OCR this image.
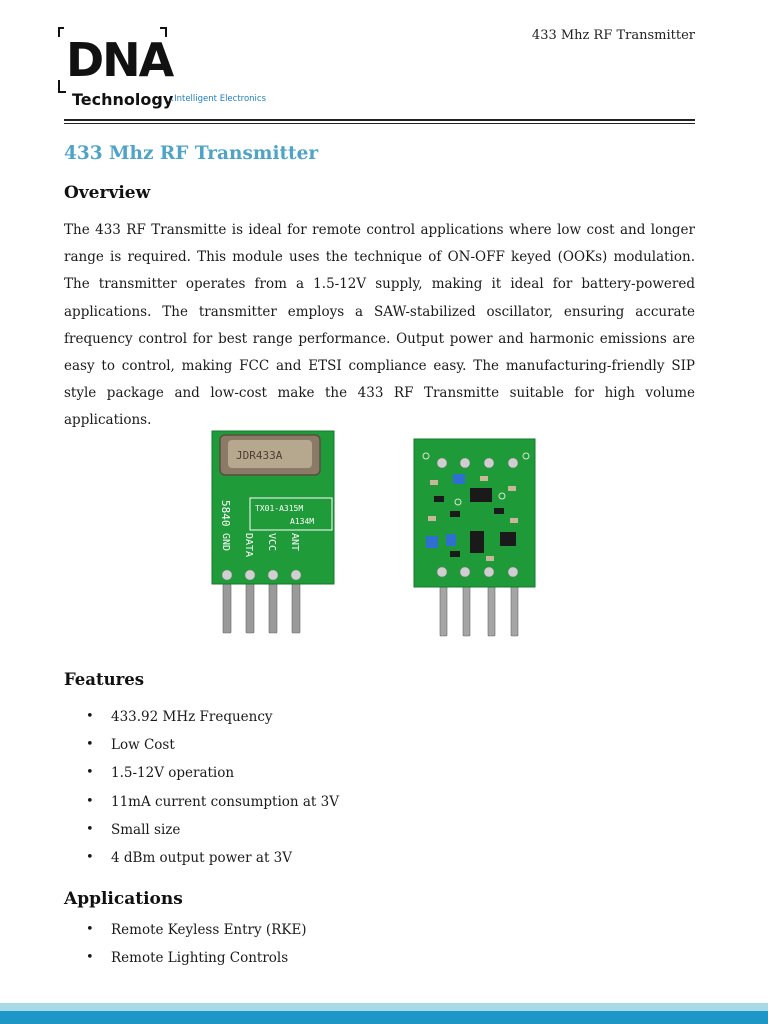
DNA
Technology
...Intelligent Electronics
433 Mhz RF Transmitter
433 Mhz RF Transmitter
Overview

The 433 RF Transmitte is ideal for remote control applications where low cost and longer range is required. This module uses the technique of ON-OFF keyed (OOKs) modulation. The transmitter operates from a 1.5-12V supply, making it ideal for battery-powered applications. The transmitter employs a SAW-stabilized oscillator, ensuring accurate frequency control for best range performance. Output power and harmonic emissions are easy to control, making FCC and ETSI compliance easy. The manufacturing-friendly SIP style package and low-cost make the 433 RF Transmitte suitable for high volume applications.

JDR433A
TX01-A315M
A134M
5840
GND DATA VCC ANT
Features
• 433.92 MHz Frequency
• Low Cost
• 1.5-12V operation
• 11mA current consumption at 3V
• Small size
• 4 dBm output power at 3V
Applications
• Remote Keyless Entry (RKE)
• Remote Lighting Controls
